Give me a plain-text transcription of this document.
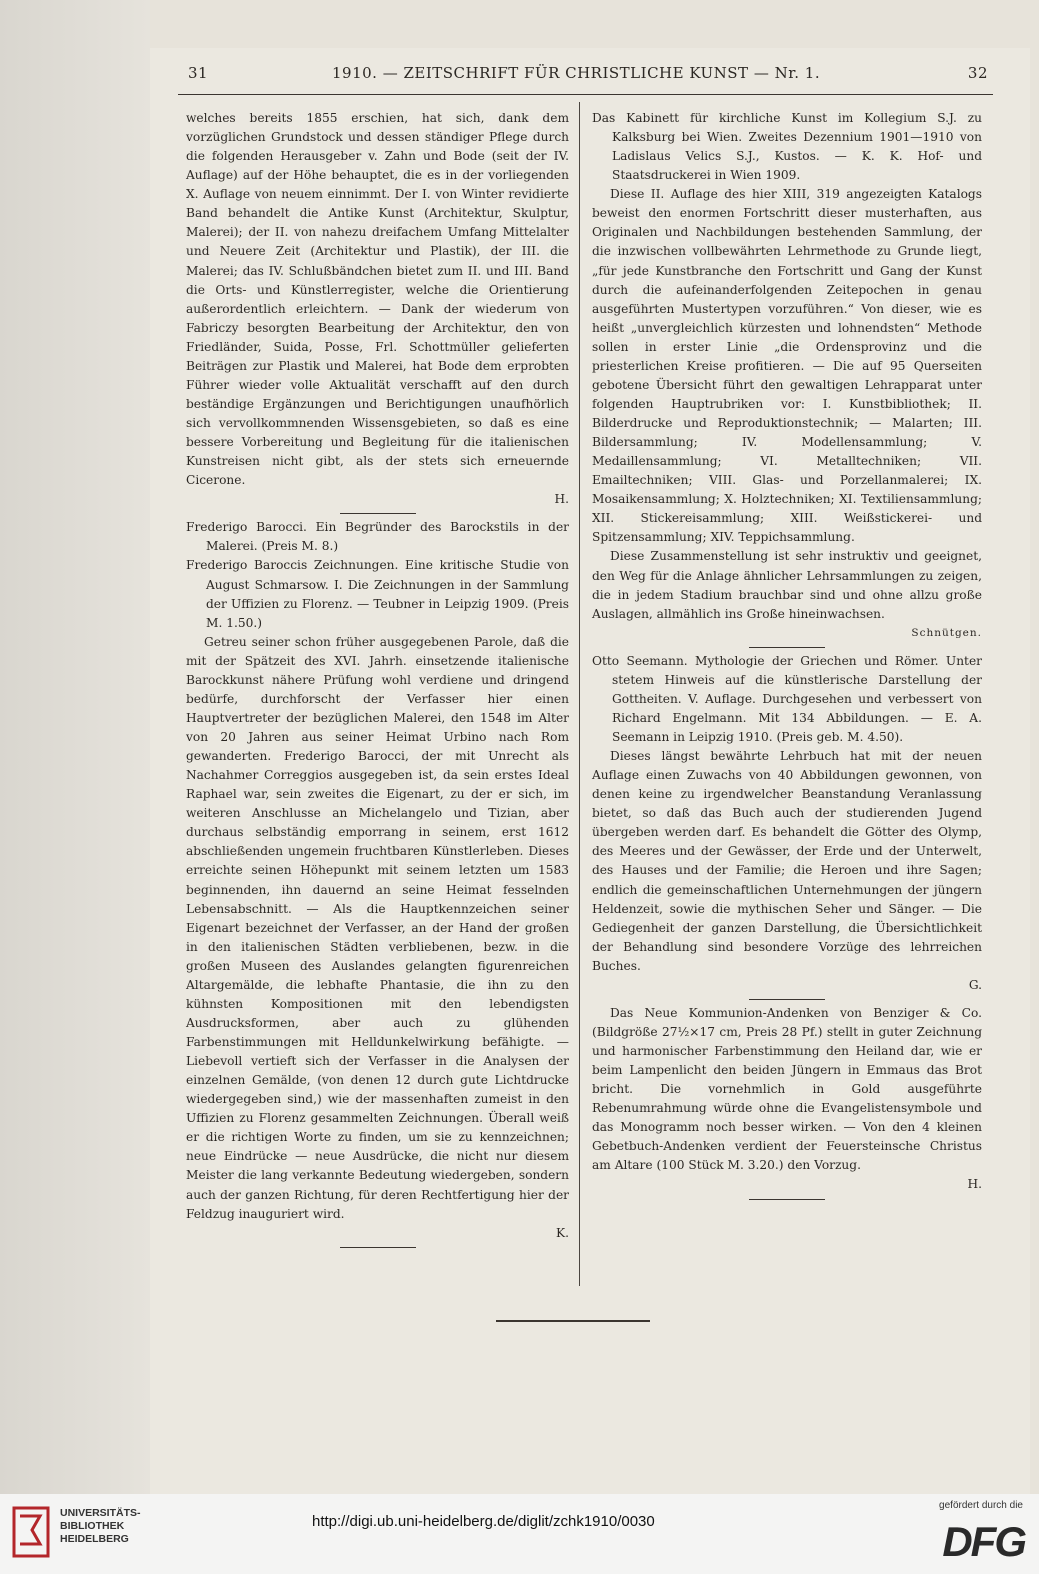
31	1910. — ZEITSCHRIFT FÜR CHRISTLICHE KUNST — Nr. 1.	32

welches bereits 1855 erschien, hat sich, dank dem vorzüglichen Grundstock und dessen ständiger Pflege durch die folgenden Herausgeber v. Zahn und Bode (seit der IV. Auflage) auf der Höhe behauptet, die es in der vorliegenden X. Auflage von neuem einnimmt. Der I. von Winter revidierte Band behandelt die Antike Kunst (Architektur, Skulptur, Malerei); der II. von nahezu dreifachem Umfang Mittelalter und Neuere Zeit (Architektur und Plastik), der III. die Malerei; das IV. Schlußbändchen bietet zum II. und III. Band die Orts- und Künstlerregister, welche die Orientierung außerordentlich erleichtern. — Dank der wiederum von Fabriczy besorgten Bearbeitung der Architektur, den von Friedländer, Suida, Posse, Frl. Schottmüller gelieferten Beiträgen zur Plastik und Malerei, hat Bode dem erprobten Führer wieder volle Aktualität verschafft auf den durch beständige Ergänzungen und Berichtigungen unaufhörlich sich vervollkommnenden Wissensgebieten, so daß es eine bessere Vorbereitung und Begleitung für die italienischen Kunstreisen nicht gibt, als der stets sich erneuernde Cicerone.

H.

Frederigo Barocci. Ein Begründer des Barockstils in der Malerei. (Preis M. 8.)

Frederigo Baroccis Zeichnungen. Eine kritische Studie von August Schmarsow. I. Die Zeichnungen in der Sammlung der Uffizien zu Florenz. — Teubner in Leipzig 1909. (Preis M. 1.50.)

Getreu seiner schon früher ausgegebenen Parole, daß die mit der Spätzeit des XVI. Jahrh. einsetzende italienische Barockkunst nähere Prüfung wohl verdiene und dringend bedürfe, durchforscht der Verfasser hier einen Hauptvertreter der bezüglichen Malerei, den 1548 im Alter von 20 Jahren aus seiner Heimat Urbino nach Rom gewanderten. Frederigo Barocci, der mit Unrecht als Nachahmer Correggios ausgegeben ist, da sein erstes Ideal Raphael war, sein zweites die Eigenart, zu der er sich, im weiteren Anschlusse an Michelangelo und Tizian, aber durchaus selbständig emporrang in seinem, erst 1612 abschließenden ungemein fruchtbaren Künstlerleben. Dieses erreichte seinen Höhepunkt mit seinem letzten um 1583 beginnenden, ihn dauernd an seine Heimat fesselnden Lebensabschnitt. — Als die Hauptkennzeichen seiner Eigenart bezeichnet der Verfasser, an der Hand der großen in den italienischen Städten verbliebenen, bezw. in die großen Museen des Auslandes gelangten figurenreichen Altargemälde, die lebhafte Phantasie, die ihn zu den kühnsten Kompositionen mit den lebendigsten Ausdrucksformen, aber auch zu glühenden Farbenstimmungen mit Helldunkelwirkung befähigte. — Liebevoll vertieft sich der Verfasser in die Analysen der einzelnen Gemälde, (von denen 12 durch gute Lichtdrucke wiedergegeben sind,) wie der massenhaften zumeist in den Uffizien zu Florenz gesammelten Zeichnungen. Überall weiß er die richtigen Worte zu finden, um sie zu kennzeichnen; neue Eindrücke — neue Ausdrücke, die nicht nur diesem Meister die lang verkannte Bedeutung wiedergeben, sondern auch der ganzen Richtung, für deren Rechtfertigung hier der Feldzug inauguriert wird.

K.

Das Kabinett für kirchliche Kunst im Kollegium S.J. zu Kalksburg bei Wien. Zweites Dezennium 1901—1910 von Ladislaus Velics S.J., Kustos. — K. K. Hof- und Staatsdruckerei in Wien 1909.

Diese II. Auflage des hier XIII, 319 angezeigten Katalogs beweist den enormen Fortschritt dieser musterhaften, aus Originalen und Nachbildungen bestehenden Sammlung, der die inzwischen vollbewährten Lehrmethode zu Grunde liegt, „für jede Kunstbranche den Fortschritt und Gang der Kunst durch die aufeinanderfolgenden Zeitepochen in genau ausgeführten Mustertypen vorzuführen.“ Von dieser, wie es heißt „unvergleichlich kürzesten und lohnendsten“ Methode sollen in erster Linie „die Ordensprovinz und die priesterlichen Kreise profitieren. — Die auf 95 Querseiten gebotene Übersicht führt den gewaltigen Lehrapparat unter folgenden Hauptrubriken vor: I. Kunstbibliothek; II. Bilderdrucke und Reproduktionstechnik; — Malarten; III. Bildersammlung; IV. Modellensammlung; V. Medaillensammlung; VI. Metalltechniken; VII. Emailtechniken; VIII. Glas- und Porzellanmalerei; IX. Mosaikensammlung; X. Holztechniken; XI. Textiliensammlung; XII. Stickereisammlung; XIII. Weißstickerei- und Spitzensammlung; XIV. Teppichsammlung.

Diese Zusammenstellung ist sehr instruktiv und geeignet, den Weg für die Anlage ähnlicher Lehrsammlungen zu zeigen, die in jedem Stadium brauchbar sind und ohne allzu große Auslagen, allmählich ins Große hineinwachsen.

Schnütgen.

Otto Seemann. Mythologie der Griechen und Römer. Unter stetem Hinweis auf die künstlerische Darstellung der Gottheiten. V. Auflage. Durchgesehen und verbessert von Richard Engelmann. Mit 134 Abbildungen. — E. A. Seemann in Leipzig 1910. (Preis geb. M. 4.50).

Dieses längst bewährte Lehrbuch hat mit der neuen Auflage einen Zuwachs von 40 Abbildungen gewonnen, von denen keine zu irgendwelcher Beanstandung Veranlassung bietet, so daß das Buch auch der studierenden Jugend übergeben werden darf. Es behandelt die Götter des Olymp, des Meeres und der Gewässer, der Erde und der Unterwelt, des Hauses und der Familie; die Heroen und ihre Sagen; endlich die gemeinschaftlichen Unternehmungen der jüngern Heldenzeit, sowie die mythischen Seher und Sänger. — Die Gediegenheit der ganzen Darstellung, die Übersichtlichkeit der Behandlung sind besondere Vorzüge des lehrreichen Buches.

G.

Das Neue Kommunion-Andenken von Benziger & Co. (Bildgröße 27½×17 cm, Preis 28 Pf.) stellt in guter Zeichnung und harmonischer Farbenstimmung den Heiland dar, wie er beim Lampenlicht den beiden Jüngern in Emmaus das Brot bricht. Die vornehmlich in Gold ausgeführte Rebenumrahmung würde ohne die Evangelistensymbole und das Monogramm noch besser wirken. — Von den 4 kleinen Gebetbuch-Andenken verdient der Feuersteinsche Christus am Altare (100 Stück M. 3.20.) den Vorzug.

H.

UNIVERSITÄTS-
BIBLIOTHEK
HEIDELBERG
http://digi.ub.uni-heidelberg.de/diglit/zchk1910/0030
gefördert durch die
DFG
